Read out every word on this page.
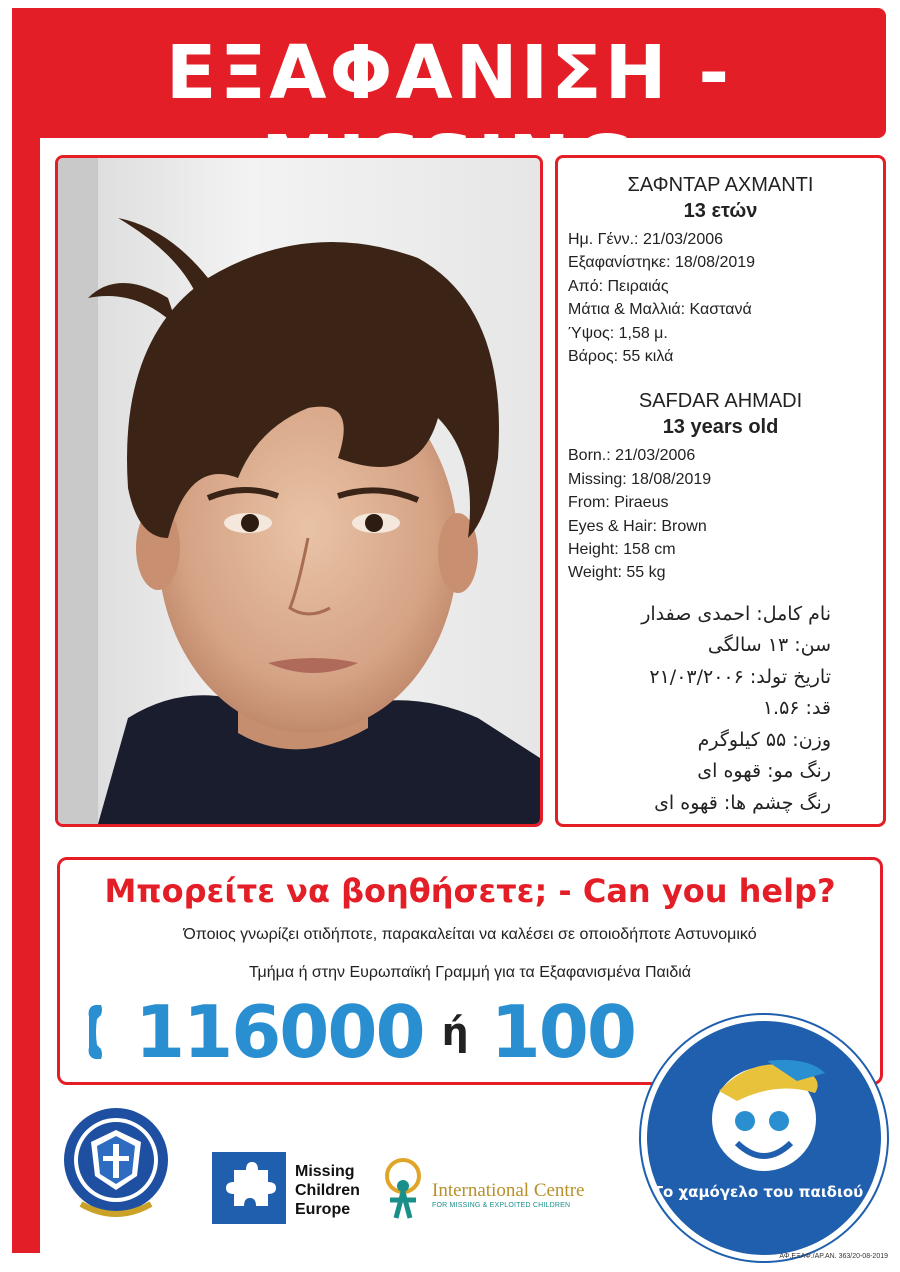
ΕΞΑΦΑΝΙΣΗ -
ΣΑΦΝΤΑΡ ΑΧΜΑΝΤΙ
13 ετών
Ημ. Γένν.: 21/03/2006
Εξαφανίστηκε: 18/08/2019
Από: Πειραιάς
Μάτια & Μαλλιά: Καστανά
Ύψος: 1,58 μ.
Βάρος: 55 κιλά
SAFDAR AHMADI
13 years old
Born.: 21/03/2006
Missing: 18/08/2019
From: Piraeus
Eyes & Hair: Brown
Height: 158 cm
Weight: 55 kg
نام کامل: احمدی صفدار
سن: ۱۳ سالگی
تاریخ تولد: ۲۱/۰۳/۲۰۰۶
قد: ۱.۵۶
وزن: ۵۵ کیلوگرم
رنگ مو: قهوه ای
رنگ چشم ها: قهوه ای
Μπορείτε να βοηθήσετε; - Can you help?
Όποιος γνωρίζει οτιδήποτε, παρακαλείται να καλέσει σε οποιοδήποτε Αστυνομικό
Τμήμα ή στην Ευρωπαϊκή Γραμμή για τα Εξαφανισμένα Παιδιά
116000 ή 100
Missing
Children
Europe
International Centre
FOR MISSING & EXPLOITED CHILDREN
Το χαμόγελο του παιδιού
ΑΦ.ΕΞΑΦ./ΑΡ.ΑΝ. 363/20-08-2019
